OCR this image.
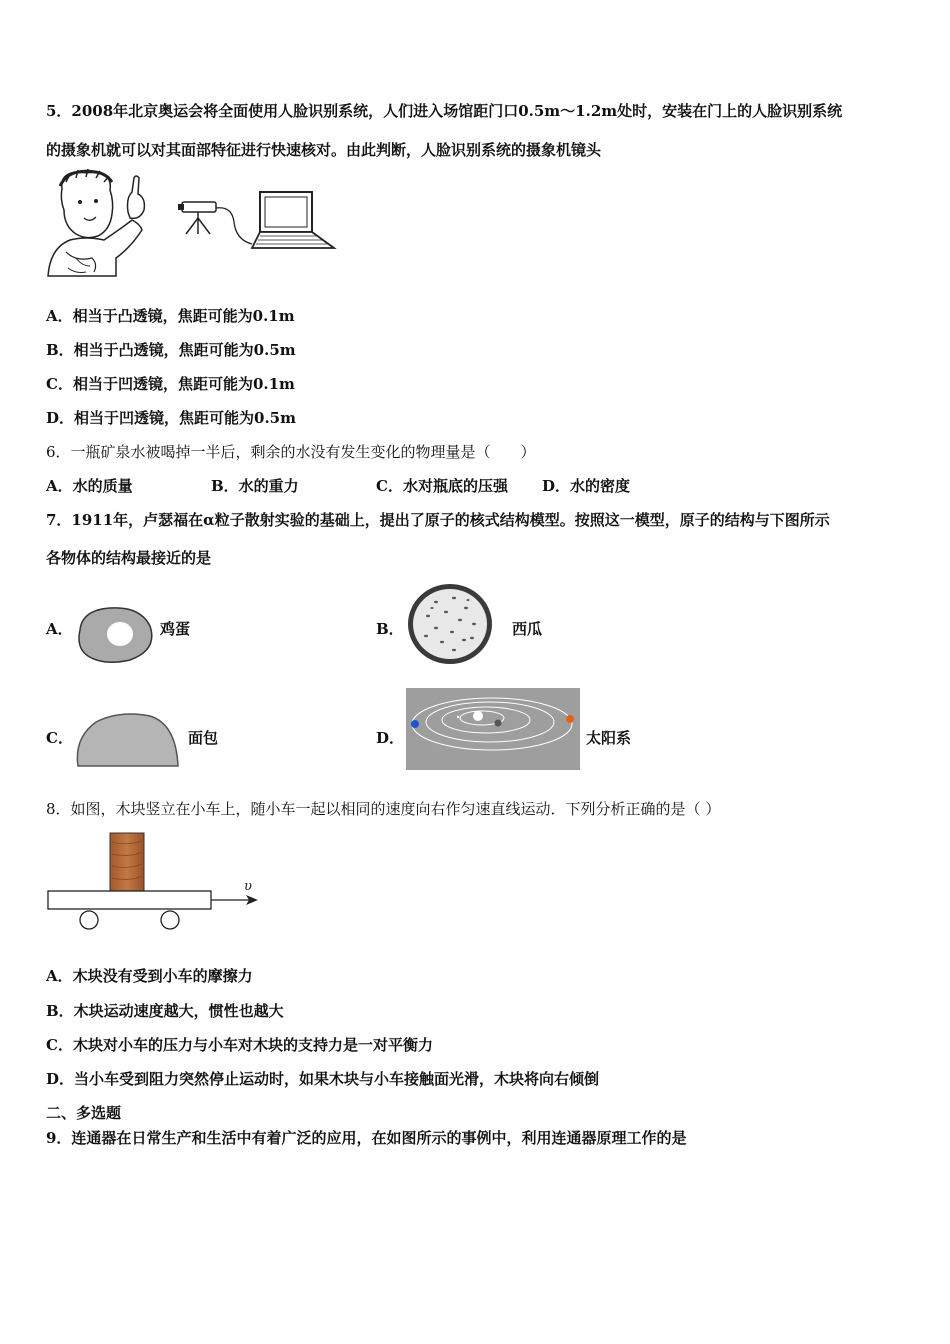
5．2008年北京奥运会将全面使用人脸识别系统，人们进入场馆距门口0.5m～1.2m处时，安装在门上的人脸识别系统
的摄象机就可以对其面部特征进行快速核对。由此判断，人脸识别系统的摄象机镜头
A．相当于凸透镜，焦距可能为0.1m
B．相当于凸透镜，焦距可能为0.5m
C．相当于凹透镜，焦距可能为0.1m
D．相当于凹透镜，焦距可能为0.5m
6．一瓶矿泉水被喝掉一半后，剩余的水没有发生变化的物理量是（　　）
A．水的质量	B．水的重力	C．水对瓶底的压强 D．水的密度
7．1911年，卢瑟福在α粒子散射实验的基础上，提出了原子的核式结构模型。按照这一模型，原子的结构与下图所示
各物体的结构最接近的是
A．	鸡蛋	B．	西瓜
C．	面包	D．	太阳系
8．如图，木块竖立在小车上，随小车一起以相同的速度向右作匀速直线运动．下列分析正确的是（ ）
υ
A．木块没有受到小车的摩擦力
B．木块运动速度越大，惯性也越大
C．木块对小车的压力与小车对木块的支持力是一对平衡力
D．当小车受到阻力突然停止运动时，如果木块与小车接触面光滑，木块将向右倾倒
二、多选题
9．连通器在日常生产和生活中有着广泛的应用，在如图所示的事例中，利用连通器原理工作的是
